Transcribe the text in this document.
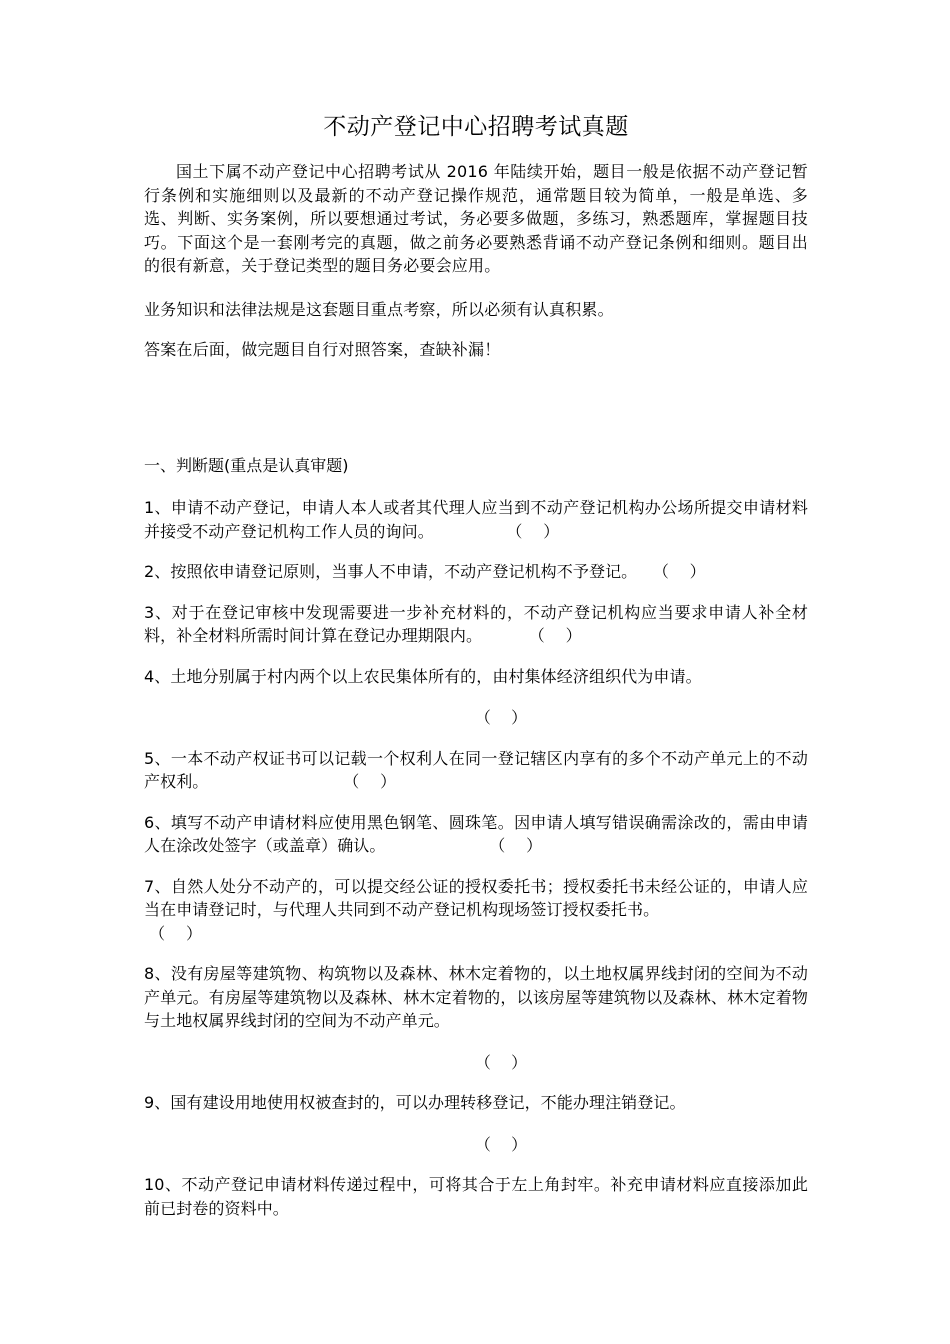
不动产登记中心招聘考试真题

国土下属不动产登记中心招聘考试从 2016 年陆续开始，题目一般是依据不动产登记暂行条例和实施细则以及最新的不动产登记操作规范，通常题目较为简单，一般是单选、多选、判断、实务案例，所以要想通过考试，务必要多做题，多练习，熟悉题库，掌握题目技巧。下面这个是一套刚考完的真题，做之前务必要熟悉背诵不动产登记条例和细则。题目出的很有新意，关于登记类型的题目务必要会应用。

业务知识和法律法规是这套题目重点考察，所以必须有认真积累。

答案在后面，做完题目自行对照答案，查缺补漏！

一、判断题(重点是认真审题)

1、申请不动产登记，申请人本人或者其代理人应当到不动产登记机构办公场所提交申请材料并接受不动产登记机构工作人员的询问。              （    ）

2、按照依申请登记原则，当事人不申请，不动产登记机构不予登记。   （    ）

3、对于在登记审核中发现需要进一步补充材料的，不动产登记机构应当要求申请人补全材料，补全材料所需时间计算在登记办理期限内。         （    ）

4、土地分别属于村内两个以上农民集体所有的，由村集体经济组织代为申请。

（    ）

5、一本不动产权证书可以记载一个权利人在同一登记辖区内享有的多个不动产单元上的不动产权利。                          （    ）

6、填写不动产申请材料应使用黑色钢笔、圆珠笔。因申请人填写错误确需涂改的，需由申请人在涂改处签字（或盖章）确认。                    （    ）

7、自然人处分不动产的，可以提交经公证的授权委托书；授权委托书未经公证的，申请人应当在申请登记时，与代理人共同到不动产登记机构现场签订授权委托书。
（    ）

8、没有房屋等建筑物、构筑物以及森林、林木定着物的，以土地权属界线封闭的空间为不动产单元。有房屋等建筑物以及森林、林木定着物的，以该房屋等建筑物以及森林、林木定着物与土地权属界线封闭的空间为不动产单元。

（    ）

9、国有建设用地使用权被查封的，可以办理转移登记，不能办理注销登记。

（    ）

10、不动产登记申请材料传递过程中，可将其合于左上角封牢。补充申请材料应直接添加此前已封卷的资料中。
